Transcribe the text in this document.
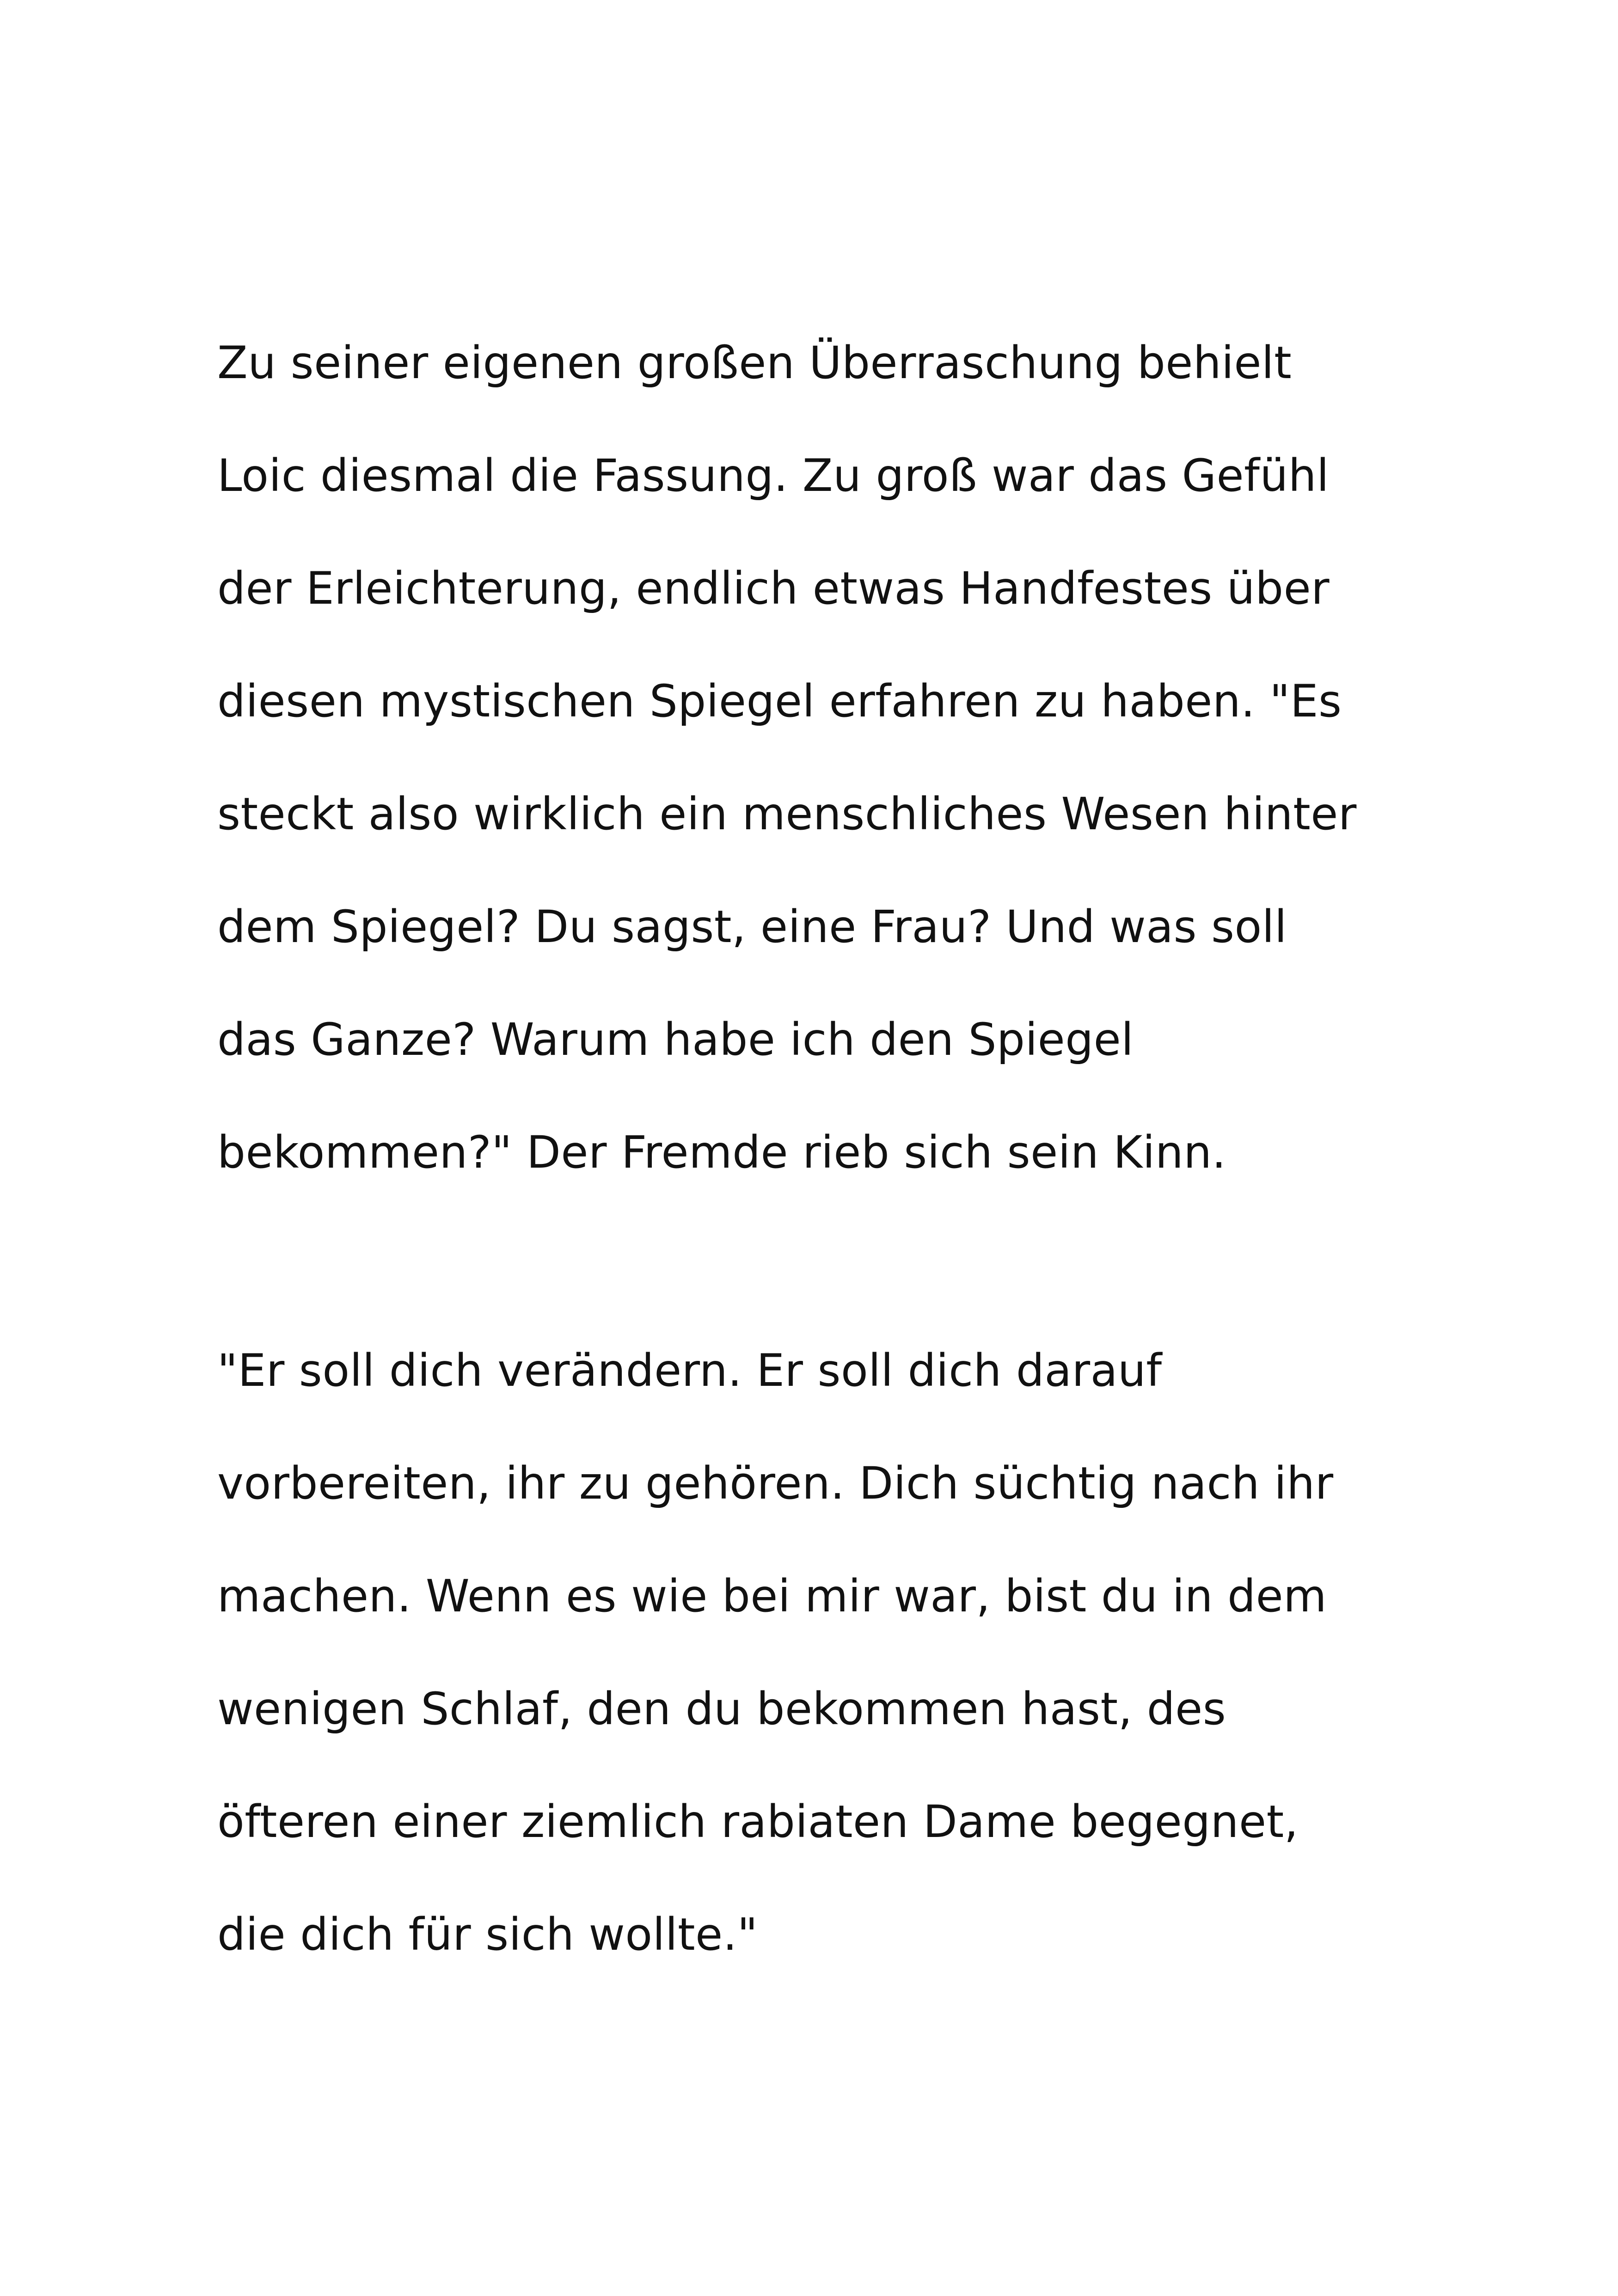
Zu seiner eigenen großen Überraschung behielt
Loic diesmal die Fassung. Zu groß war das Gefühl
der Erleichterung, endlich etwas Handfestes über
diesen mystischen Spiegel erfahren zu haben. "Es
steckt also wirklich ein menschliches Wesen hinter
dem Spiegel? Du sagst, eine Frau? Und was soll
das Ganze? Warum habe ich den Spiegel
bekommen?" Der Fremde rieb sich sein Kinn.
"Er soll dich verändern. Er soll dich darauf
vorbereiten, ihr zu gehören. Dich süchtig nach ihr
machen. Wenn es wie bei mir war, bist du in dem
wenigen Schlaf, den du bekommen hast, des
öfteren einer ziemlich rabiaten Dame begegnet,
die dich für sich wollte."
